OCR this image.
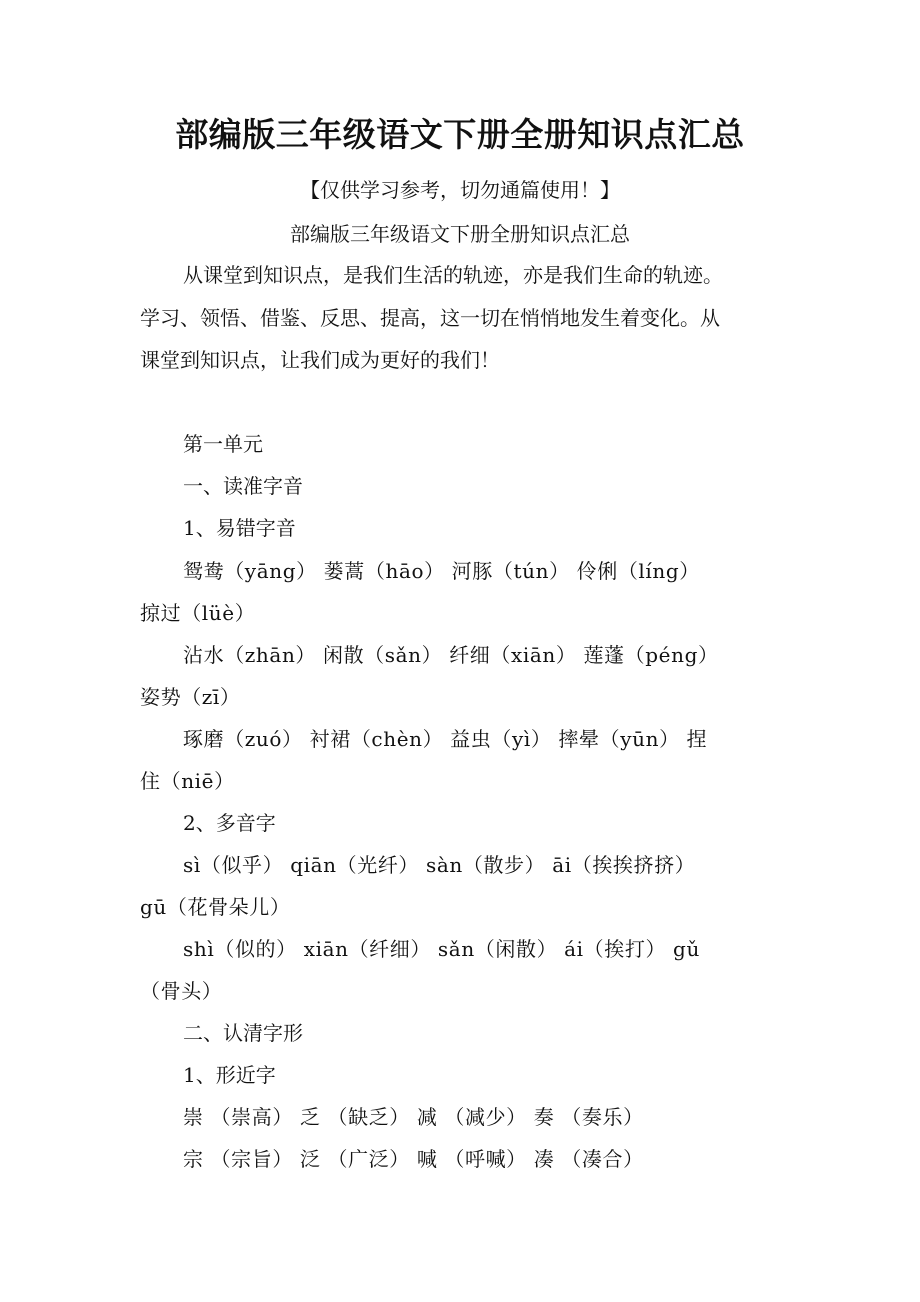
部编版三年级语文下册全册知识点汇总
【仅供学习参考，切勿通篇使用！】
部编版三年级语文下册全册知识点汇总
从课堂到知识点，是我们生活的轨迹，亦是我们生命的轨迹。
学习、领悟、借鉴、反思、提高，这一切在悄悄地发生着变化。从
课堂到知识点，让我们成为更好的我们！
第一单元
一、读准字音
1、易错字音
鸳鸯（yāng） 蒌蒿（hāo） 河豚（tún） 伶俐（líng）
掠过（lüè）
沾水（zhān） 闲散（sǎn） 纤细（xiān） 莲蓬（péng）
姿势（zī）
琢磨（zuó） 衬裙（chèn） 益虫（yì） 摔晕（yūn） 捏
住（niē）
2、多音字
sì（似乎） qiān（光纤） sàn（散步） āi（挨挨挤挤）
gū（花骨朵儿）
shì（似的） xiān（纤细） sǎn（闲散） ái（挨打） gǔ
（骨头）
二、认清字形
1、形近字
崇 （崇高） 乏 （缺乏） 减 （减少） 奏 （奏乐）
宗 （宗旨） 泛 （广泛） 喊 （呼喊） 凑 （凑合）
